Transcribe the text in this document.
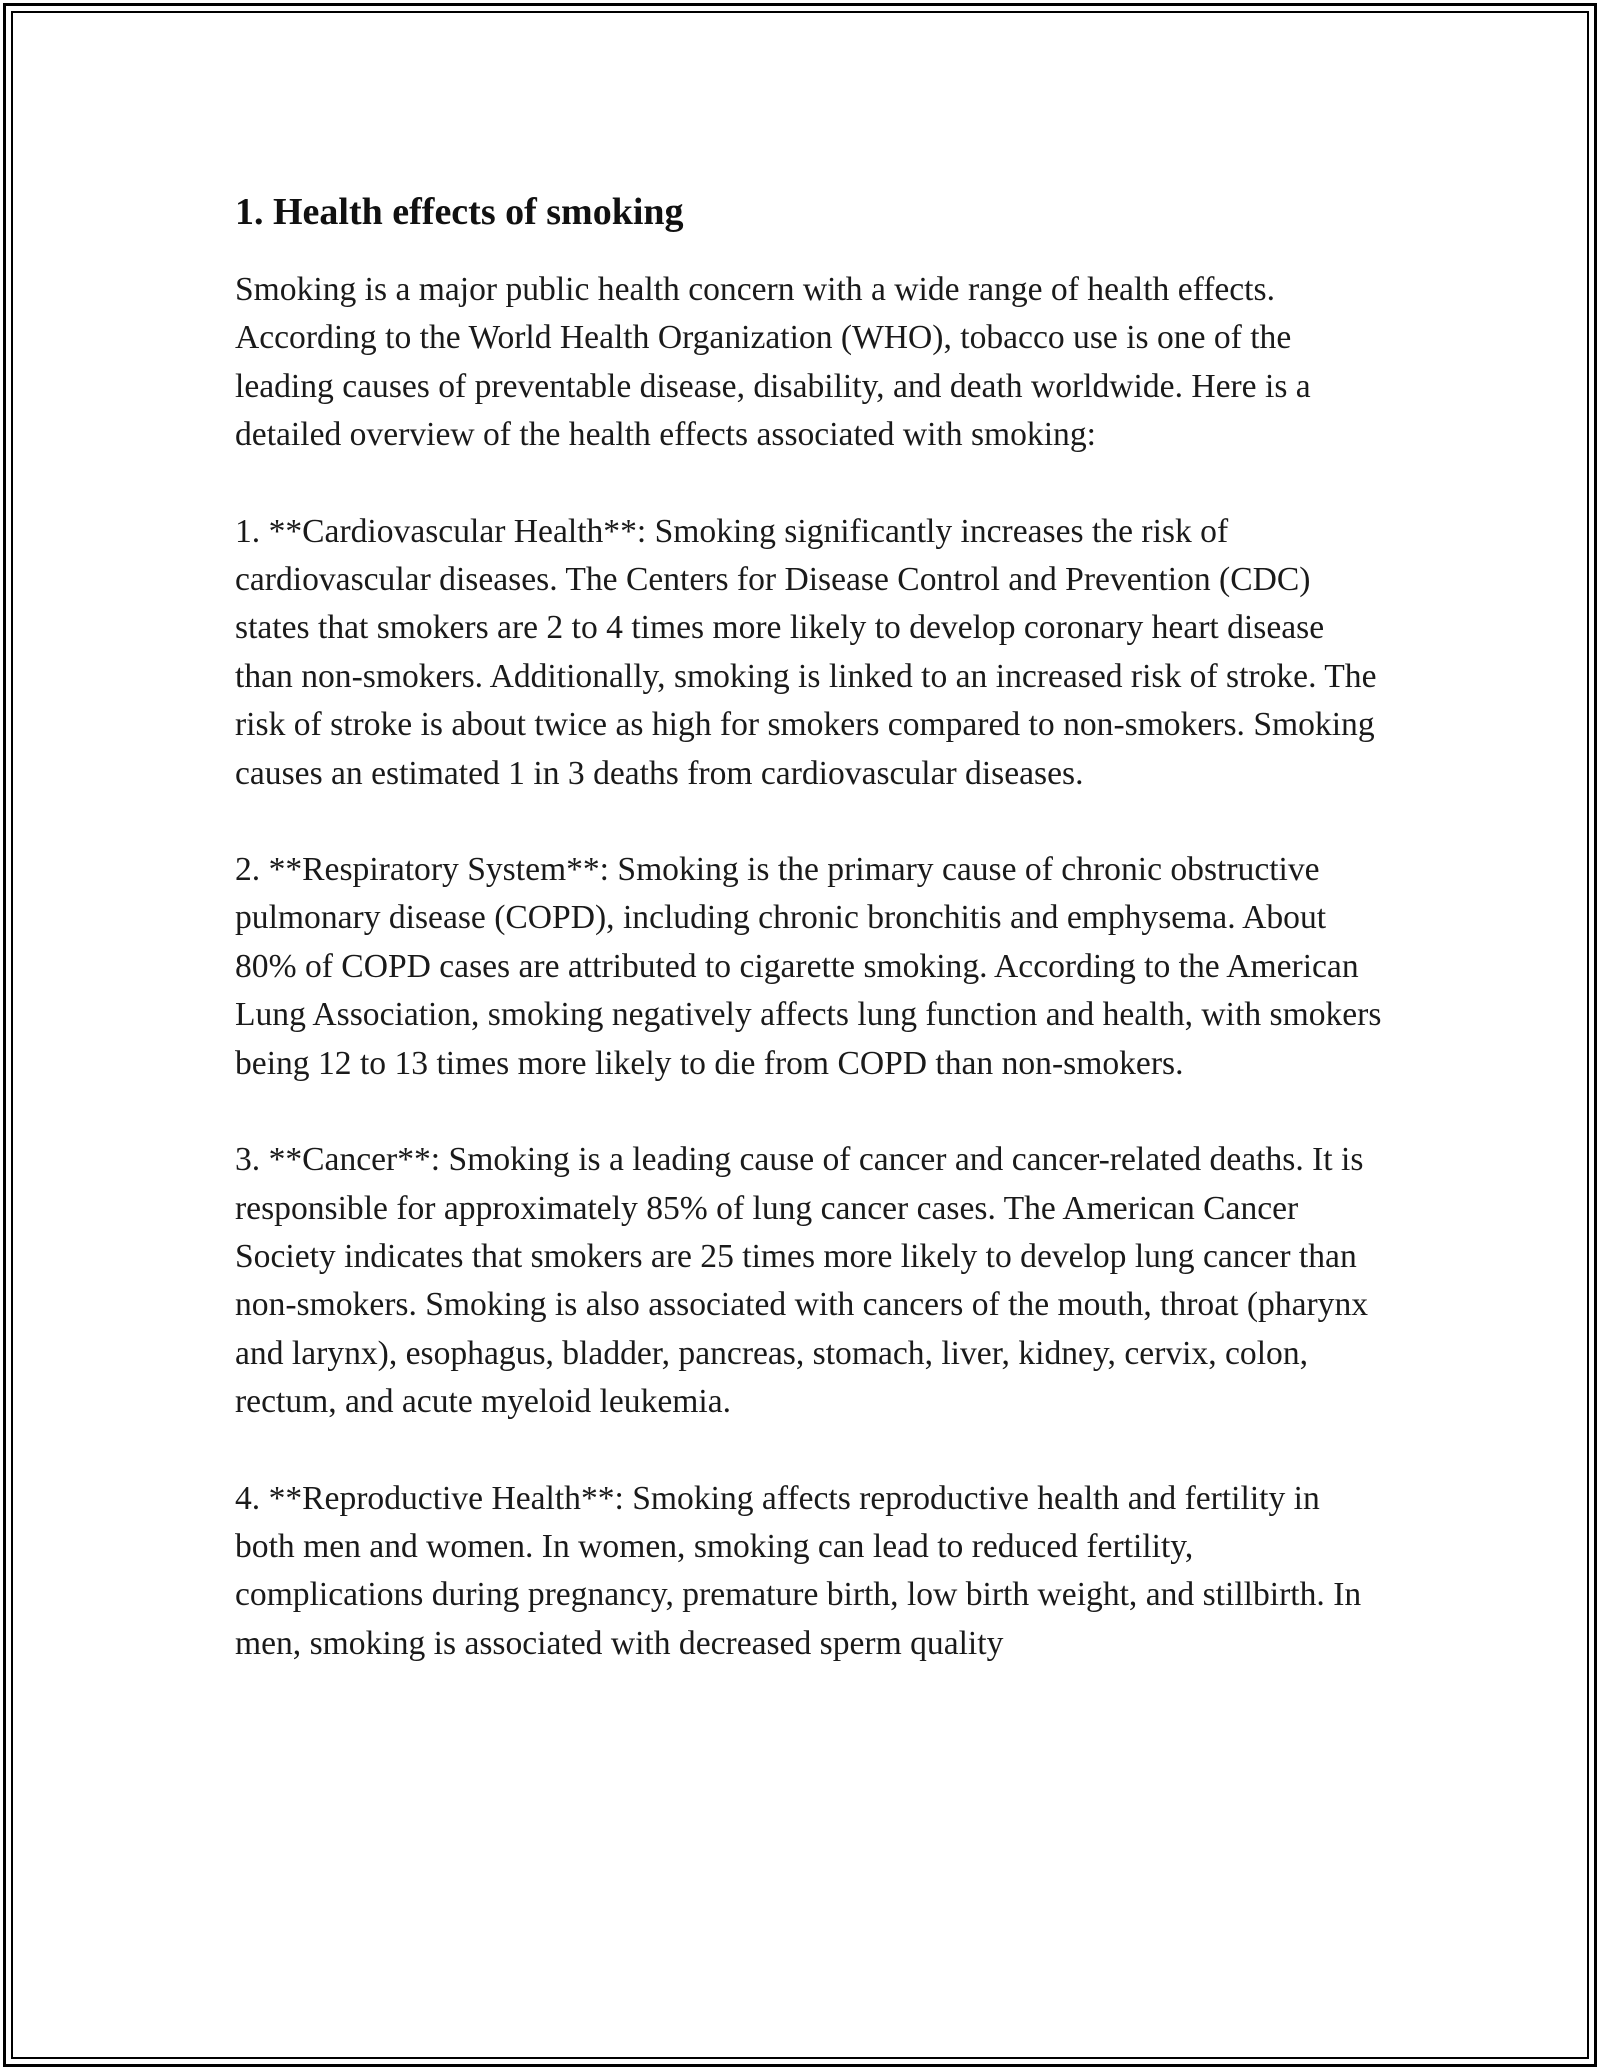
1. Health effects of smoking

Smoking is a major public health concern with a wide range of health effects. According to the World Health Organization (WHO), tobacco use is one of the leading causes of preventable disease, disability, and death worldwide. Here is a detailed overview of the health effects associated with smoking:

1. **Cardiovascular Health**: Smoking significantly increases the risk of cardiovascular diseases. The Centers for Disease Control and Prevention (CDC) states that smokers are 2 to 4 times more likely to develop coronary heart disease than non-smokers. Additionally, smoking is linked to an increased risk of stroke. The risk of stroke is about twice as high for smokers compared to non-smokers. Smoking causes an estimated 1 in 3 deaths from cardiovascular diseases.

2. **Respiratory System**: Smoking is the primary cause of chronic obstructive pulmonary disease (COPD), including chronic bronchitis and emphysema. About 80% of COPD cases are attributed to cigarette smoking. According to the American Lung Association, smoking negatively affects lung function and health, with smokers being 12 to 13 times more likely to die from COPD than non-smokers.

3. **Cancer**: Smoking is a leading cause of cancer and cancer-related deaths. It is responsible for approximately 85% of lung cancer cases. The American Cancer Society indicates that smokers are 25 times more likely to develop lung cancer than non-smokers. Smoking is also associated with cancers of the mouth, throat (pharynx and larynx), esophagus, bladder, pancreas, stomach, liver, kidney, cervix, colon, rectum, and acute myeloid leukemia.

4. **Reproductive Health**: Smoking affects reproductive health and fertility in both men and women. In women, smoking can lead to reduced fertility, complications during pregnancy, premature birth, low birth weight, and stillbirth. In men, smoking is associated with decreased sperm quality
